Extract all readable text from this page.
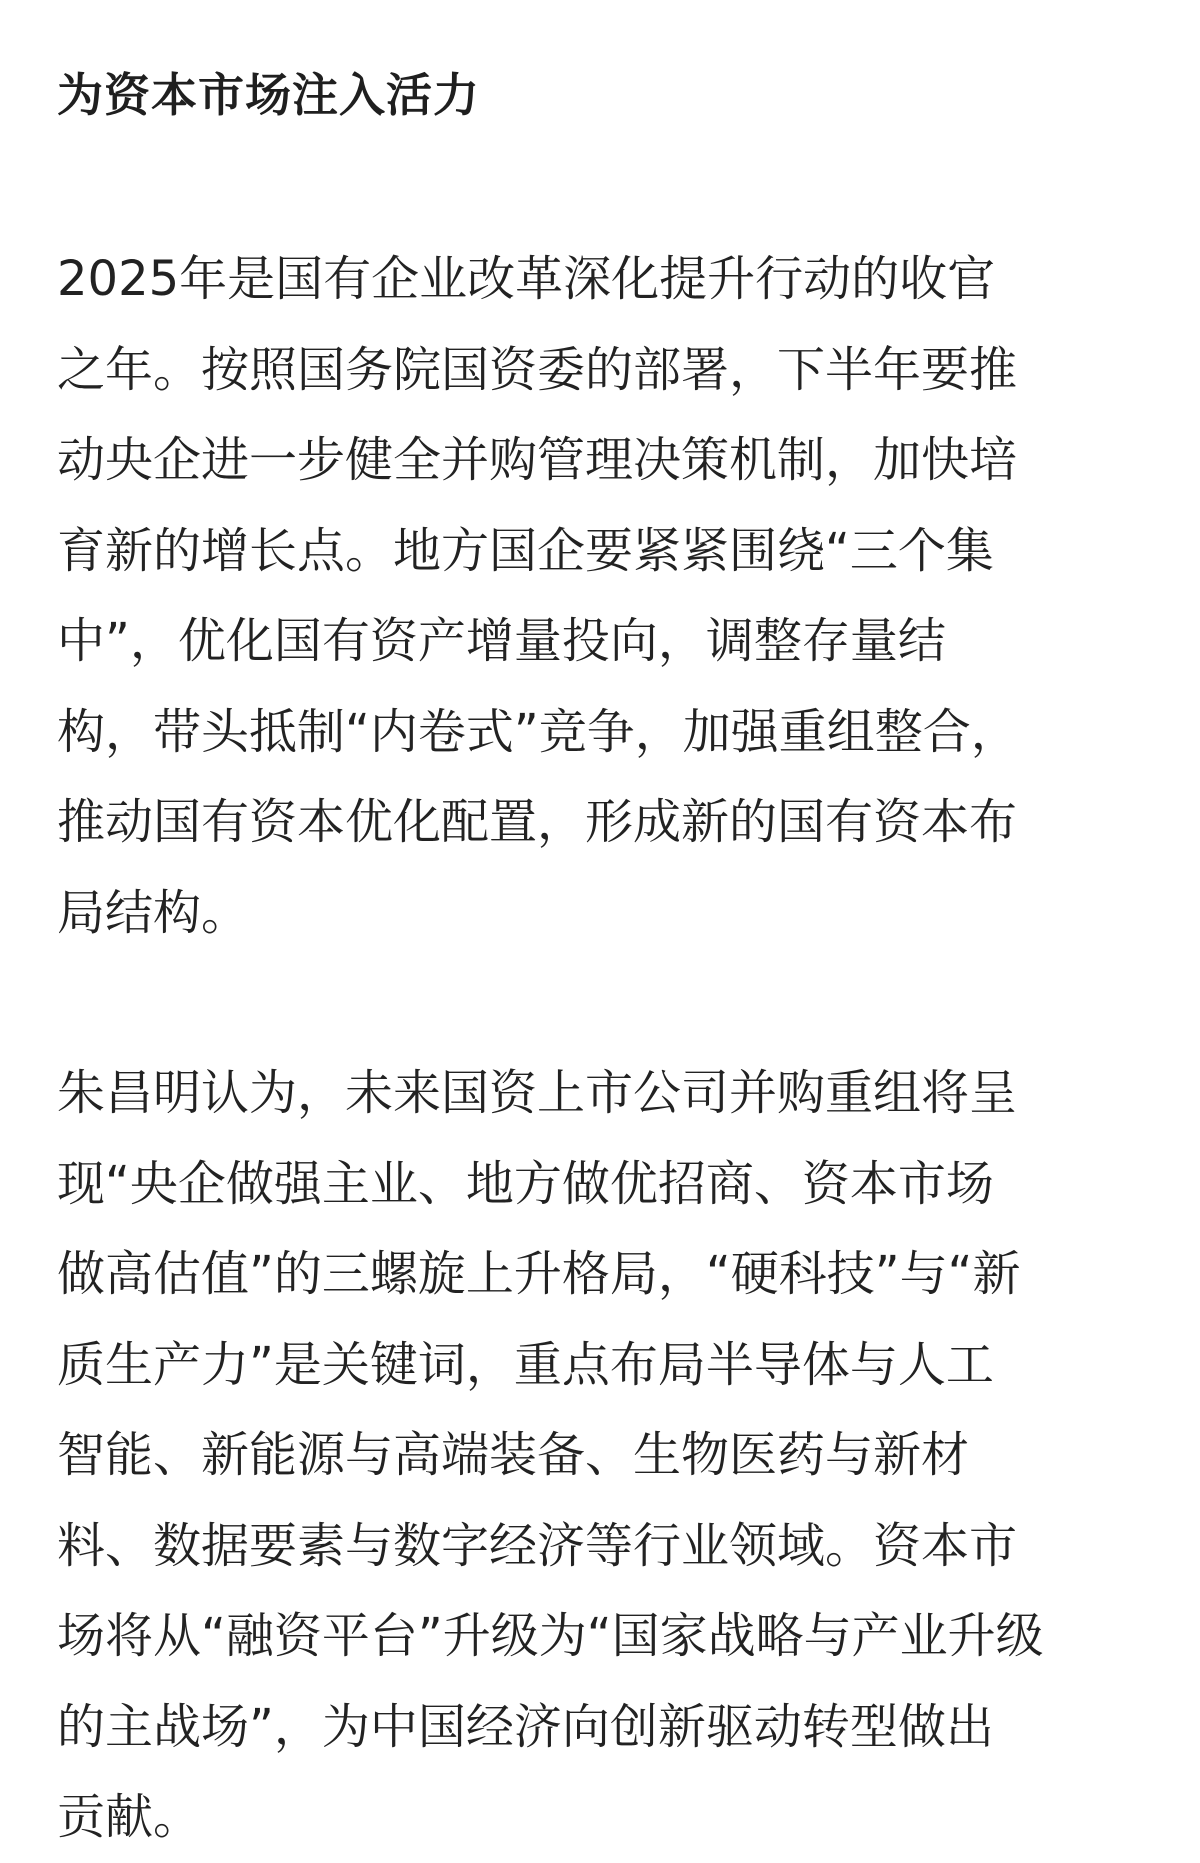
为资本市场注入活力

2025年是国有企业改革深化提升行动的收官
之年。按照国务院国资委的部署，下半年要推
动央企进一步健全并购管理决策机制，加快培
育新的增长点。地方国企要紧紧围绕“三个集
中”，优化国有资产增量投向，调整存量结
构，带头抵制“内卷式”竞争，加强重组整合，
推动国有资本优化配置，形成新的国有资本布
局结构。

朱昌明认为，未来国资上市公司并购重组将呈
现“央企做强主业、地方做优招商、资本市场
做高估值”的三螺旋上升格局，“硬科技”与“新
质生产力”是关键词，重点布局半导体与人工
智能、新能源与高端装备、生物医药与新材
料、数据要素与数字经济等行业领域。资本市
场将从“融资平台”升级为“国家战略与产业升级
的主战场”，为中国经济向创新驱动转型做出
贡献。
